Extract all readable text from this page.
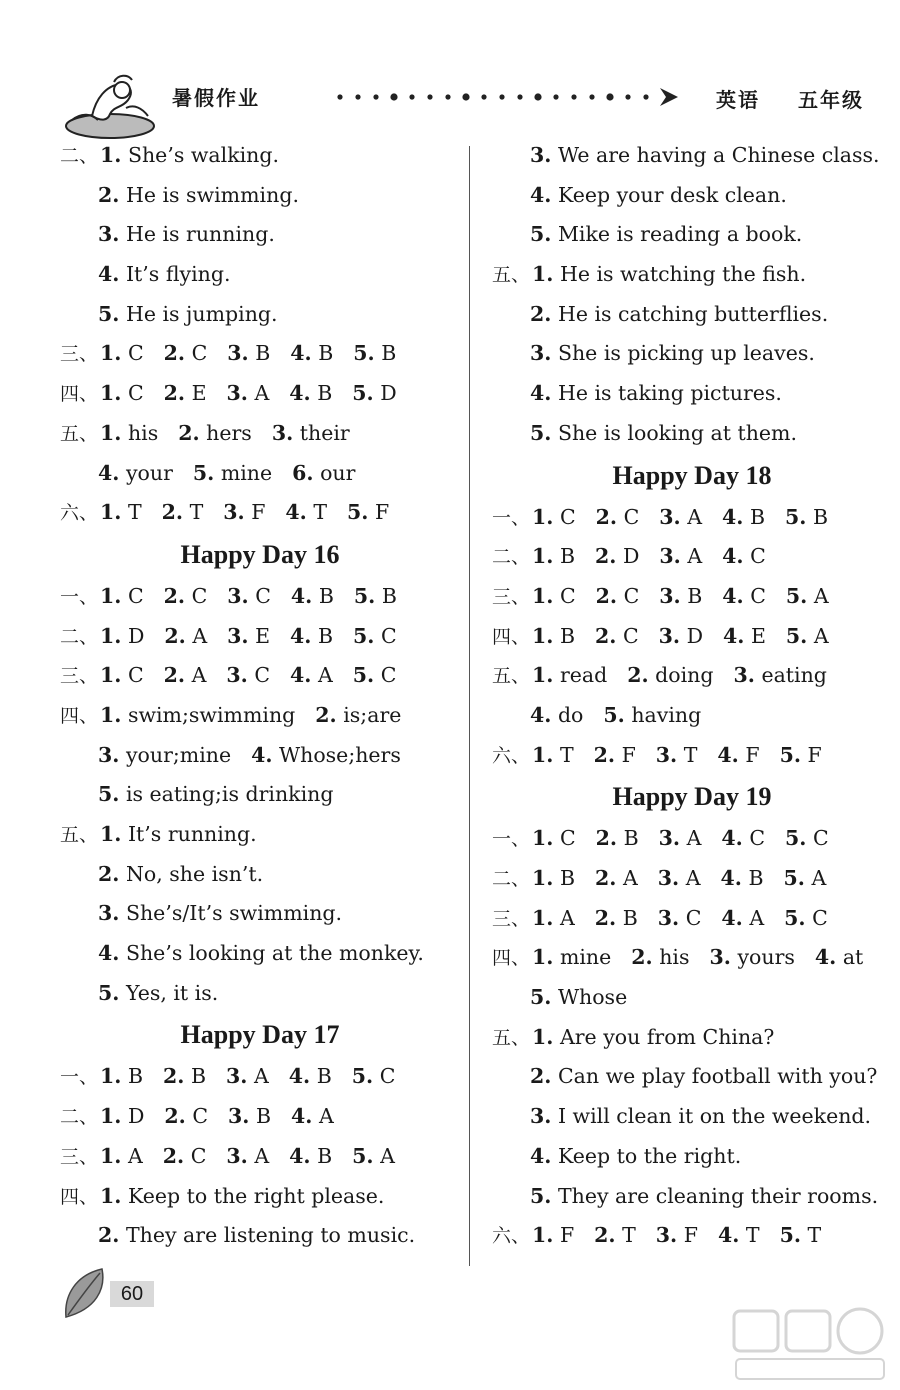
暑假作业	英语 五年级
二、1. She’s walking.
2. He is swimming.
3. He is running.
4. It’s flying.
5. He is jumping.
三、1. C 2. C 3. B 4. B 5. B
四、1. C 2. E 3. A 4. B 5. D
五、1. his 2. hers 3. their
4. your 5. mine 6. our
六、1. T 2. T 3. F 4. T 5. F
Happy Day 16
一、1. C 2. C 3. C 4. B 5. B
二、1. D 2. A 3. E 4. B 5. C
三、1. C 2. A 3. C 4. A 5. C
四、1. swim;swimming 2. is;are
3. your;mine 4. Whose;hers
5. is eating;is drinking
五、1. It’s running.
2. No, she isn’t.
3. She’s/It’s swimming.
4. She’s looking at the monkey.
5. Yes, it is.
Happy Day 17
一、1. B 2. B 3. A 4. B 5. C
二、1. D 2. C 3. B 4. A
三、1. A 2. C 3. A 4. B 5. A
四、1. Keep to the right please.
2. They are listening to music.
3. We are having a Chinese class.
4. Keep your desk clean.
5. Mike is reading a book.
五、1. He is watching the fish.
2. He is catching butterflies.
3. She is picking up leaves.
4. He is taking pictures.
5. She is looking at them.
Happy Day 18
一、1. C 2. C 3. A 4. B 5. B
二、1. B 2. D 3. A 4. C
三、1. C 2. C 3. B 4. C 5. A
四、1. B 2. C 3. D 4. E 5. A
五、1. read 2. doing 3. eating
4. do 5. having
六、1. T 2. F 3. T 4. F 5. F
Happy Day 19
一、1. C 2. B 3. A 4. C 5. C
二、1. B 2. A 3. A 4. B 5. A
三、1. A 2. B 3. C 4. A 5. C
四、1. mine 2. his 3. yours 4. at
5. Whose
五、1. Are you from China?
2. Can we play football with you?
3. I will clean it on the weekend.
4. Keep to the right.
5. They are cleaning their rooms.
六、1. F 2. T 3. F 4. T 5. T
60
